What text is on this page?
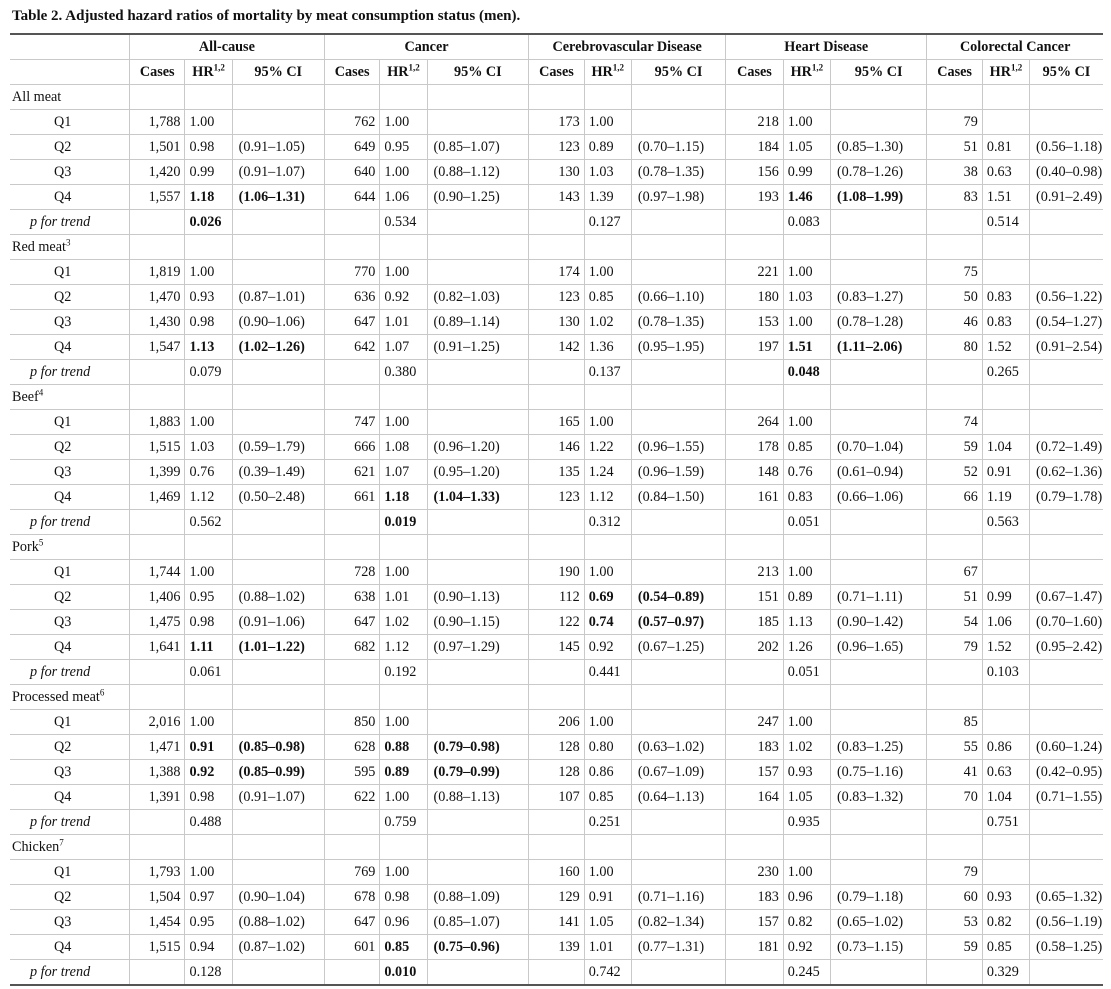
Table 2. Adjusted hazard ratios of mortality by meat consumption status (men).
	All-cause			Cancer			Cerebrovascular Disease			Heart Disease			Colorectal Cancer		
	Cases	HR$^{1,2}$	95% CI	Cases	HR$^{1,2}$	95% CI	Cases	HR$^{1,2}$	95% CI	Cases	HR$^{1,2}$	95% CI	Cases	HR$^{1,2}$	95% CI
All meat															
Q1	1,788	1.00		762	1.00		173	1.00		218	1.00		79		
Q2	1,501	0.98	(0.91–1.05)	649	0.95	(0.85–1.07)	123	0.89	(0.70–1.15)	184	1.05	(0.85–1.30)	51	0.81	(0.56–1.18)
Q3	1,420	0.99	(0.91–1.07)	640	1.00	(0.88–1.12)	130	1.03	(0.78–1.35)	156	0.99	(0.78–1.26)	38	0.63	(0.40–0.98)
Q4	1,557	1.18	(1.06–1.31)	644	1.06	(0.90–1.25)	143	1.39	(0.97–1.98)	193	1.46	(1.08–1.99)	83	1.51	(0.91–2.49)
p for trend		0.026			0.534			0.127			0.083			0.514	
Red meat$^3$															
Q1	1,819	1.00		770	1.00		174	1.00		221	1.00		75		
Q2	1,470	0.93	(0.87–1.01)	636	0.92	(0.82–1.03)	123	0.85	(0.66–1.10)	180	1.03	(0.83–1.27)	50	0.83	(0.56–1.22)
Q3	1,430	0.98	(0.90–1.06)	647	1.01	(0.89–1.14)	130	1.02	(0.78–1.35)	153	1.00	(0.78–1.28)	46	0.83	(0.54–1.27)
Q4	1,547	1.13	(1.02–1.26)	642	1.07	(0.91–1.25)	142	1.36	(0.95–1.95)	197	1.51	(1.11–2.06)	80	1.52	(0.91–2.54)
p for trend		0.079			0.380			0.137			0.048			0.265	
Beef$^4$															
Q1	1,883	1.00		747	1.00		165	1.00		264	1.00		74		
Q2	1,515	1.03	(0.59–1.79)	666	1.08	(0.96–1.20)	146	1.22	(0.96–1.55)	178	0.85	(0.70–1.04)	59	1.04	(0.72–1.49)
Q3	1,399	0.76	(0.39–1.49)	621	1.07	(0.95–1.20)	135	1.24	(0.96–1.59)	148	0.76	(0.61–0.94)	52	0.91	(0.62–1.36)
Q4	1,469	1.12	(0.50–2.48)	661	1.18	(1.04–1.33)	123	1.12	(0.84–1.50)	161	0.83	(0.66–1.06)	66	1.19	(0.79–1.78)
p for trend		0.562			0.019			0.312			0.051			0.563	
Pork$^5$															
Q1	1,744	1.00		728	1.00		190	1.00		213	1.00		67		
Q2	1,406	0.95	(0.88–1.02)	638	1.01	(0.90–1.13)	112	0.69	(0.54–0.89)	151	0.89	(0.71–1.11)	51	0.99	(0.67–1.47)
Q3	1,475	0.98	(0.91–1.06)	647	1.02	(0.90–1.15)	122	0.74	(0.57–0.97)	185	1.13	(0.90–1.42)	54	1.06	(0.70–1.60)
Q4	1,641	1.11	(1.01–1.22)	682	1.12	(0.97–1.29)	145	0.92	(0.67–1.25)	202	1.26	(0.96–1.65)	79	1.52	(0.95–2.42)
p for trend		0.061			0.192			0.441			0.051			0.103	
Processed meat$^6$															
Q1	2,016	1.00		850	1.00		206	1.00		247	1.00		85		
Q2	1,471	0.91	(0.85–0.98)	628	0.88	(0.79–0.98)	128	0.80	(0.63–1.02)	183	1.02	(0.83–1.25)	55	0.86	(0.60–1.24)
Q3	1,388	0.92	(0.85–0.99)	595	0.89	(0.79–0.99)	128	0.86	(0.67–1.09)	157	0.93	(0.75–1.16)	41	0.63	(0.42–0.95)
Q4	1,391	0.98	(0.91–1.07)	622	1.00	(0.88–1.13)	107	0.85	(0.64–1.13)	164	1.05	(0.83–1.32)	70	1.04	(0.71–1.55)
p for trend		0.488			0.759			0.251			0.935			0.751	
Chicken$^7$															
Q1	1,793	1.00		769	1.00		160	1.00		230	1.00		79		
Q2	1,504	0.97	(0.90–1.04)	678	0.98	(0.88–1.09)	129	0.91	(0.71–1.16)	183	0.96	(0.79–1.18)	60	0.93	(0.65–1.32)
Q3	1,454	0.95	(0.88–1.02)	647	0.96	(0.85–1.07)	141	1.05	(0.82–1.34)	157	0.82	(0.65–1.02)	53	0.82	(0.56–1.19)
Q4	1,515	0.94	(0.87–1.02)	601	0.85	(0.75–0.96)	139	1.01	(0.77–1.31)	181	0.92	(0.73–1.15)	59	0.85	(0.58–1.25)
p for trend		0.128			0.010			0.742			0.245			0.329	
